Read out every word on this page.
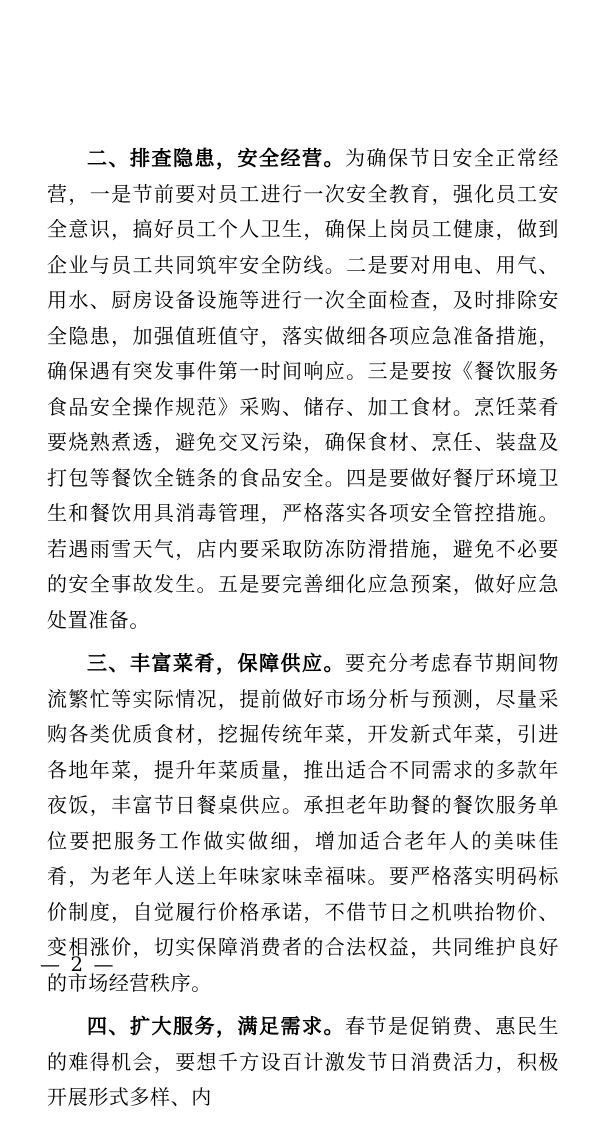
二、排查隐患，安全经营。为确保节日安全正常经营，一是节前要对员工进行一次安全教育，强化员工安全意识，搞好员工个人卫生，确保上岗员工健康，做到企业与员工共同筑牢安全防线。二是要对用电、用气、用水、厨房设备设施等进行一次全面检查，及时排除安全隐患，加强值班值守，落实做细各项应急准备措施，确保遇有突发事件第一时间响应。三是要按《餐饮服务食品安全操作规范》采购、储存、加工食材。烹饪菜肴要烧熟煮透，避免交叉污染，确保食材、烹任、装盘及打包等餐饮全链条的食品安全。四是要做好餐厅环境卫生和餐饮用具消毒管理，严格落实各项安全管控措施。若遇雨雪天气，店内要采取防冻防滑措施，避免不必要的安全事故发生。五是要完善细化应急预案，做好应急处置准备。

三、丰富菜肴，保障供应。要充分考虑春节期间物流繁忙等实际情况，提前做好市场分析与预测，尽量采购各类优质食材，挖掘传统年菜，开发新式年菜，引进各地年菜，提升年菜质量，推出适合不同需求的多款年夜饭，丰富节日餐桌供应。承担老年助餐的餐饮服务单位要把服务工作做实做细，增加适合老年人的美味佳肴，为老年人送上年味家味幸福味。要严格落实明码标价制度，自觉履行价格承诺，不借节日之机哄抬物价、变相涨价，切实保障消费者的合法权益，共同维护良好的市场经营秩序。

四、扩大服务，满足需求。春节是促销费、惠民生的难得机会，要想千方设百计激发节日消费活力，积极开展形式多样、内

— 2 —
